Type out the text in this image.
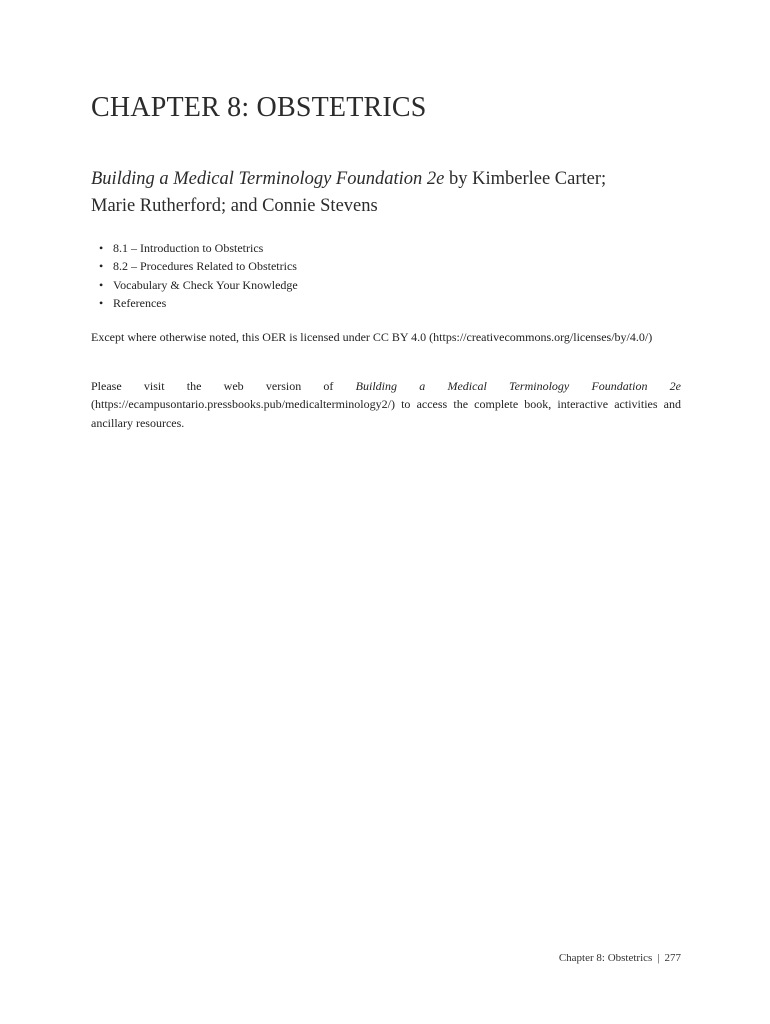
CHAPTER 8: OBSTETRICS

Building a Medical Terminology Foundation 2e by Kimberlee Carter; Marie Rutherford; and Connie Stevens

• 8.1 – Introduction to Obstetrics
• 8.2 – Procedures Related to Obstetrics
• Vocabulary & Check Your Knowledge
• References

Except where otherwise noted, this OER is licensed under CC BY 4.0 (https://creativecommons.org/licenses/by/4.0/)

Please visit the web version of Building a Medical Terminology Foundation 2e (https://ecampusontario.pressbooks.pub/medicalterminology2/) to access the complete book, interactive activities and ancillary resources.

Chapter 8: Obstetrics | 277
